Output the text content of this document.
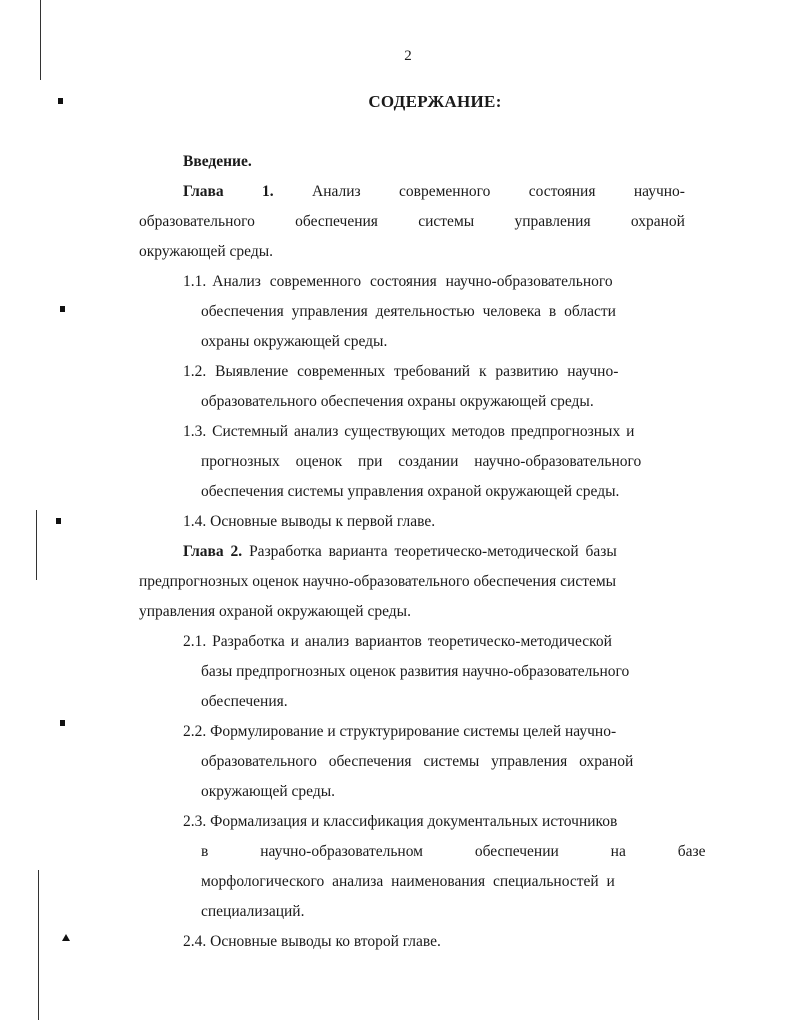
2
СОДЕРЖАНИЕ:
Введение.
Глава 1. Анализ современного состояния научно-
образовательного	обеспечения	системы	управления	охраной
окружающей среды.
1.1. Анализ современного состояния научно-образовательного
обеспечения управления деятельностью человека в области
охраны окружающей среды.
1.2. Выявление современных требований к развитию научно-
образовательного обеспечения охраны окружающей среды.
1.3. Системный анализ существующих методов предпрогнозных и
прогнозных оценок при создании научно-образовательного
обеспечения системы управления охраной окружающей среды.
1.4. Основные выводы к первой главе.
Глава 2. Разработка варианта теоретическо-методической базы
предпрогнозных оценок научно-образовательного обеспечения системы
управления охраной окружающей среды.
2.1. Разработка и анализ вариантов теоретическо-методической
базы предпрогнозных оценок развития научно-образовательного
обеспечения.
2.2. Формулирование и структурирование системы целей научно-
образовательного обеспечения системы управления охраной
окружающей среды.
2.3. Формализация и классификация документальных источников
в научно-образовательном обеспечении на базе
морфологического анализа наименования специальностей и
специализаций.
2.4. Основные выводы ко второй главе.
